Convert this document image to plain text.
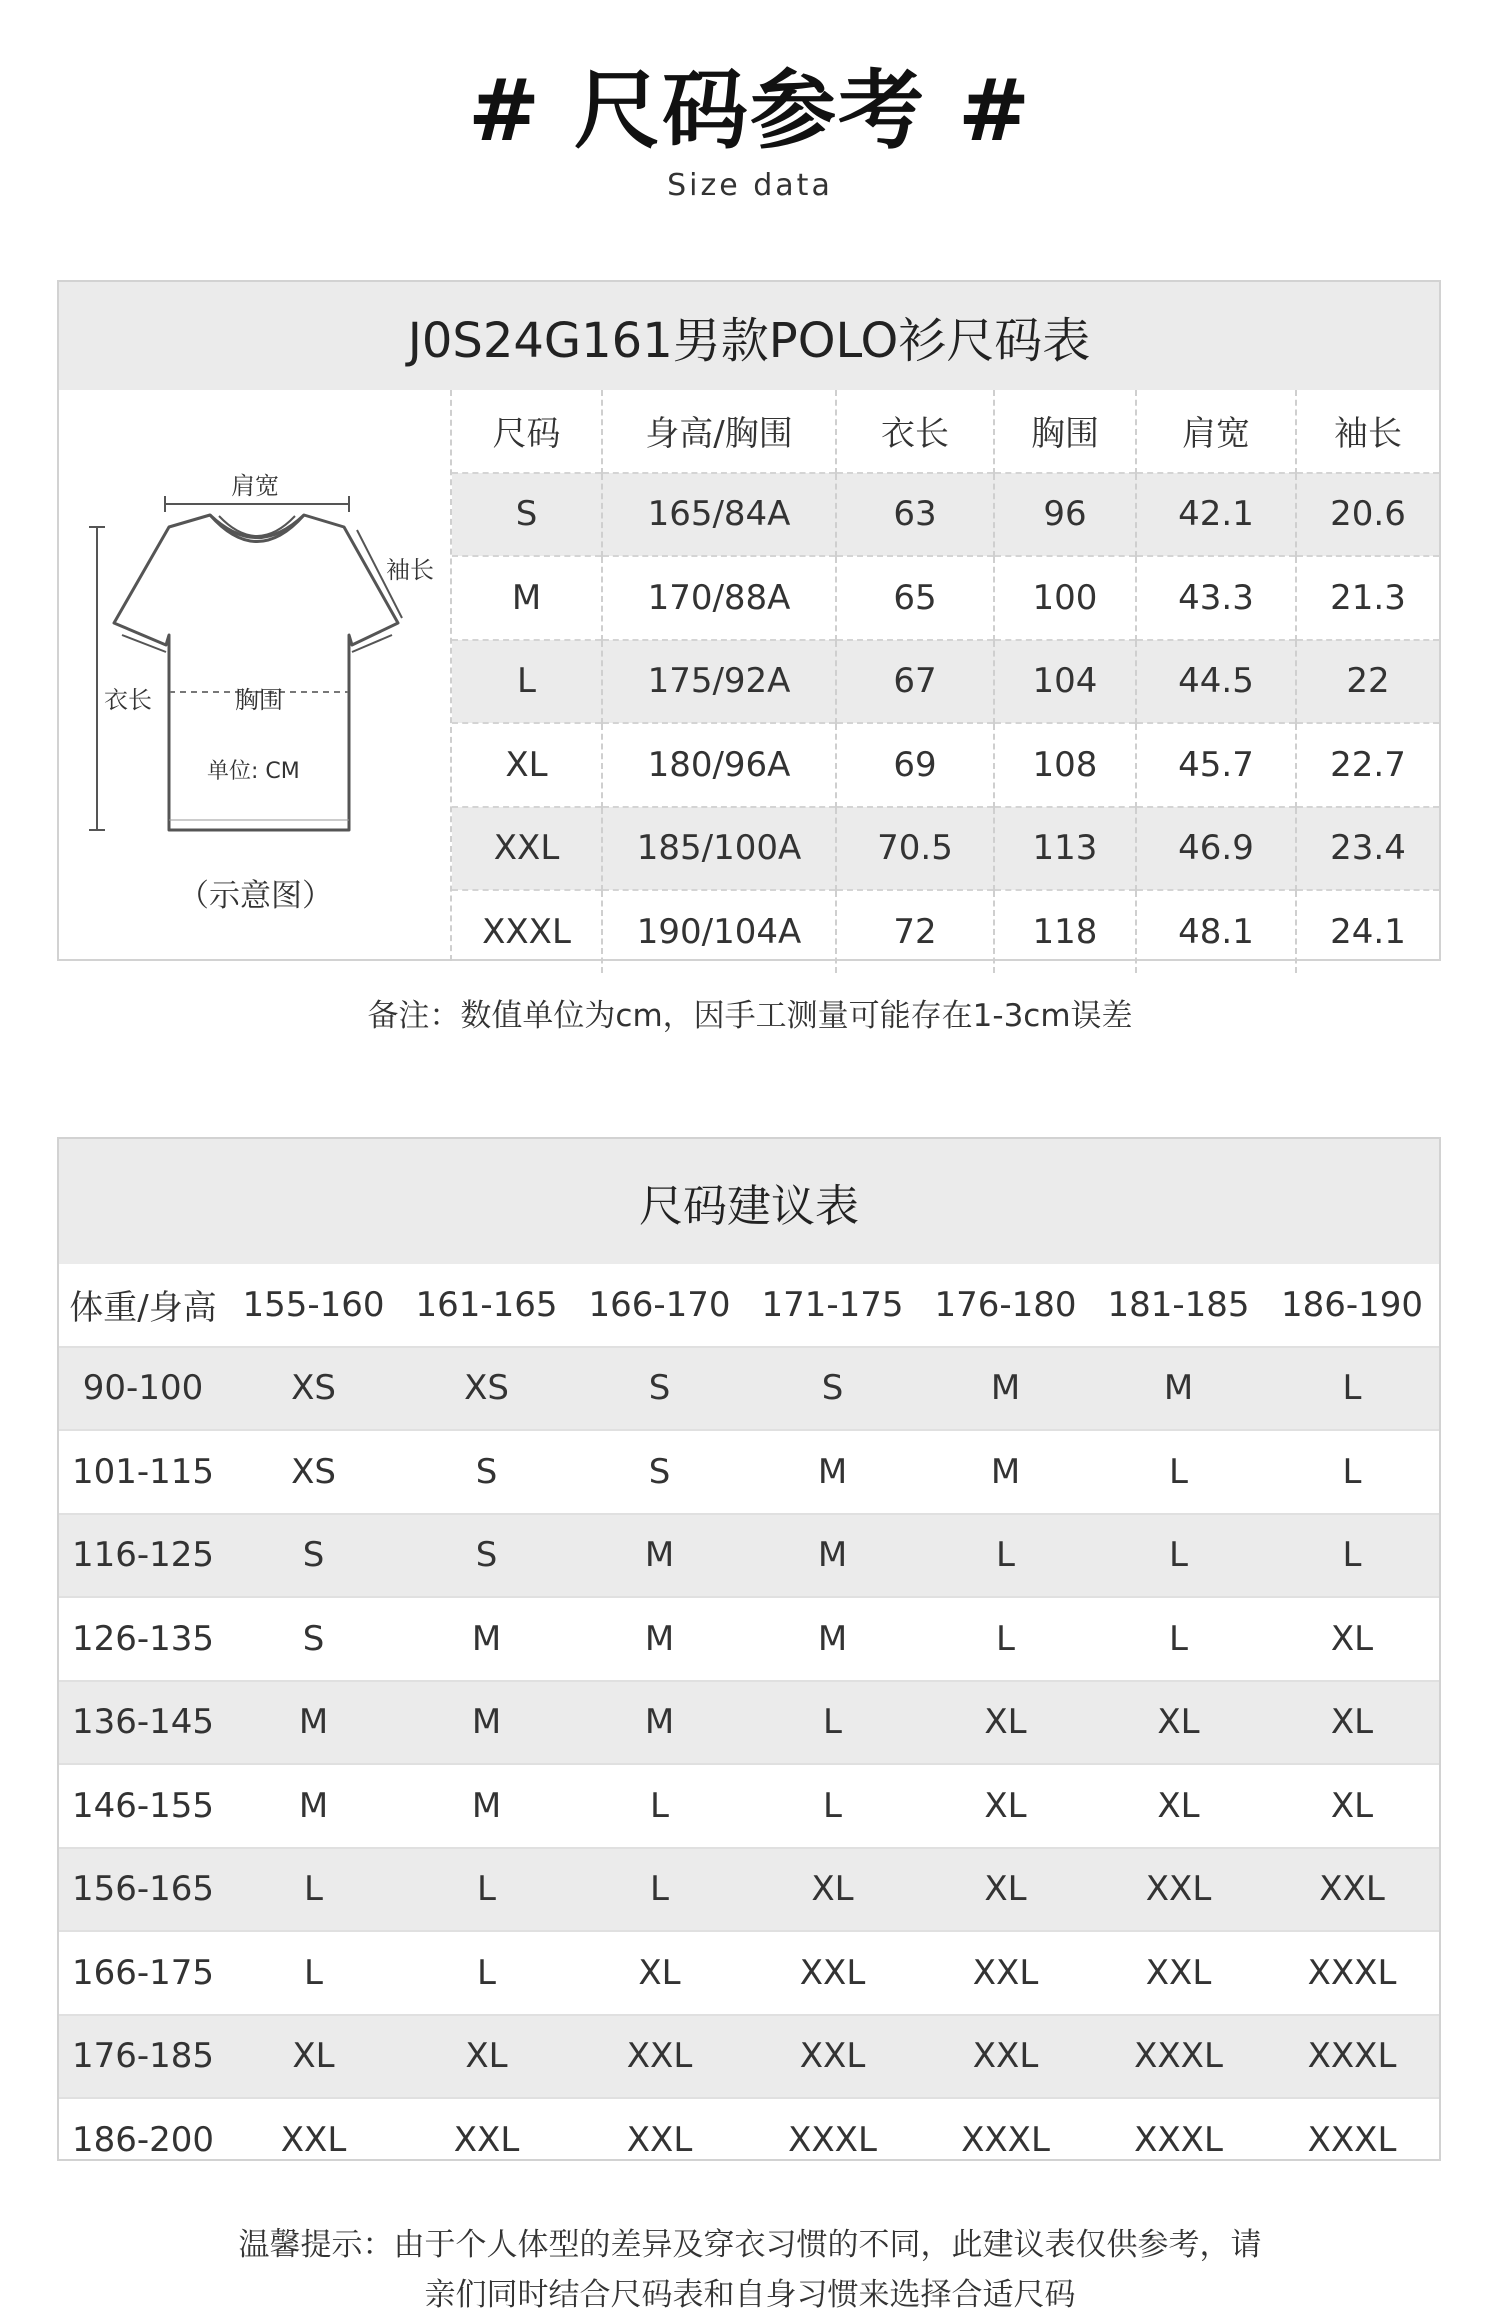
# 尺码参考 #
Size data
J0S24G161男款POLO衫尺码表
肩宽
袖长
衣长	胸围
单位: CM
（示意图）
尺码	身高/胸围	衣长	胸围	肩宽	袖长
S	165/84A	63	96	42.1	20.6
M	170/88A	65	100	43.3	21.3
L	175/92A	67	104	44.5	22
XL	180/96A	69	108	45.7	22.7
XXL	185/100A	70.5	113	46.9	23.4
XXXL	190/104A	72	118	48.1	24.1
备注：数值单位为cm，因手工测量可能存在1-3cm误差
尺码建议表
体重/身高	155-160	161-165	166-170	171-175	176-180	181-185	186-190
90-100	XS	XS	S	S	M	M	L
101-115	XS	S	S	M	M	L	L
116-125	S	S	M	M	L	L	L
126-135	S	M	M	M	L	L	XL
136-145	M	M	M	L	XL	XL	XL
146-155	M	M	L	L	XL	XL	XL
156-165	L	L	L	XL	XL	XXL	XXL
166-175	L	L	XL	XXL	XXL	XXL	XXXL
176-185	XL	XL	XXL	XXL	XXL	XXXL	XXXL
186-200	XXL	XXL	XXL	XXXL	XXXL	XXXL	XXXL
温馨提示：由于个人体型的差异及穿衣习惯的不同，此建议表仅供参考，请
亲们同时结合尺码表和自身习惯来选择合适尺码
